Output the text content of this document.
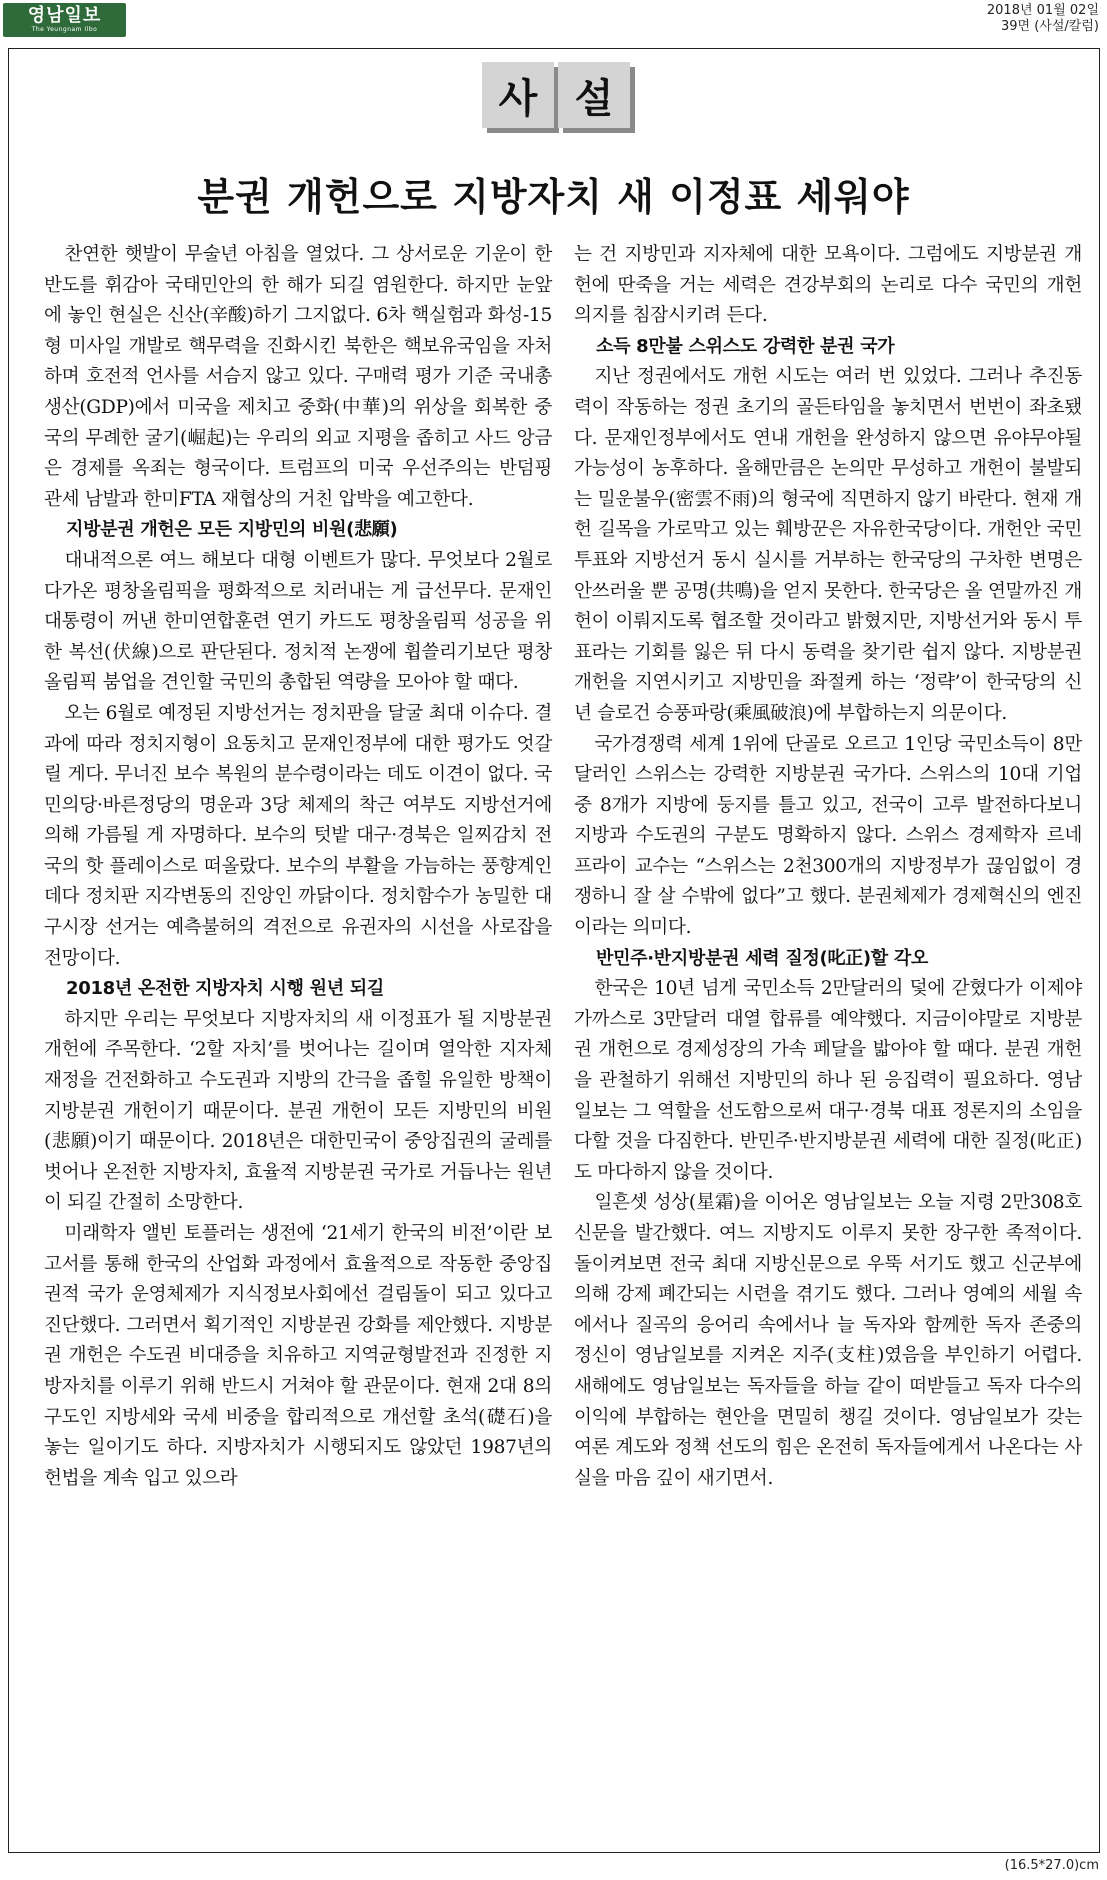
영남일보
The Yeungnam Ilbo
2018년 01월 02일
39면 (사설/칼럼)
사 설
분권 개헌으로 지방자치 새 이정표 세워야

찬연한 햇발이 무술년 아침을 열었다. 그 상서로운 기운이 한반도를 휘감아 국태민안의 한 해가 되길 염원한다. 하지만 눈앞에 놓인 현실은 신산(辛酸)하기 그지없다. 6차 핵실험과 화성-15형 미사일 개발로 핵무력을 진화시킨 북한은 핵보유국임을 자처하며 호전적 언사를 서슴지 않고 있다. 구매력 평가 기준 국내총생산(GDP)에서 미국을 제치고 중화(中華)의 위상을 회복한 중국의 무례한 굴기(崛起)는 우리의 외교 지평을 좁히고 사드 앙금은 경제를 옥죄는 형국이다. 트럼프의 미국 우선주의는 반덤핑 관세 남발과 한미FTA 재협상의 거친 압박을 예고한다.

지방분권 개헌은 모든 지방민의 비원(悲願)

대내적으론 여느 해보다 대형 이벤트가 많다. 무엇보다 2월로 다가온 평창올림픽을 평화적으로 치러내는 게 급선무다. 문재인 대통령이 꺼낸 한미연합훈련 연기 카드도 평창올림픽 성공을 위한 복선(伏線)으로 판단된다. 정치적 논쟁에 휩쓸리기보단 평창올림픽 붐업을 견인할 국민의 총합된 역량을 모아야 할 때다.

오는 6월로 예정된 지방선거는 정치판을 달굴 최대 이슈다. 결과에 따라 정치지형이 요동치고 문재인정부에 대한 평가도 엇갈릴 게다. 무너진 보수 복원의 분수령이라는 데도 이견이 없다. 국민의당·바른정당의 명운과 3당 체제의 착근 여부도 지방선거에 의해 가름될 게 자명하다. 보수의 텃밭 대구·경북은 일찌감치 전국의 핫 플레이스로 떠올랐다. 보수의 부활을 가늠하는 풍향계인 데다 정치판 지각변동의 진앙인 까닭이다. 정치함수가 농밀한 대구시장 선거는 예측불허의 격전으로 유권자의 시선을 사로잡을 전망이다.

2018년 온전한 지방자치 시행 원년 되길

하지만 우리는 무엇보다 지방자치의 새 이정표가 될 지방분권 개헌에 주목한다. ‘2할 자치’를 벗어나는 길이며 열악한 지자체 재정을 건전화하고 수도권과 지방의 간극을 좁힐 유일한 방책이 지방분권 개헌이기 때문이다. 분권 개헌이 모든 지방민의 비원(悲願)이기 때문이다. 2018년은 대한민국이 중앙집권의 굴레를 벗어나 온전한 지방자치, 효율적 지방분권 국가로 거듭나는 원년이 되길 간절히 소망한다.

미래학자 앨빈 토플러는 생전에 ‘21세기 한국의 비전’이란 보고서를 통해 한국의 산업화 과정에서 효율적으로 작동한 중앙집권적 국가 운영체제가 지식정보사회에선 걸림돌이 되고 있다고 진단했다. 그러면서 획기적인 지방분권 강화를 제안했다. 지방분권 개헌은 수도권 비대증을 치유하고 지역균형발전과 진정한 지방자치를 이루기 위해 반드시 거쳐야 할 관문이다. 현재 2대 8의 구도인 지방세와 국세 비중을 합리적으로 개선할 초석(礎石)을 놓는 일이기도 하다. 지방자치가 시행되지도 않았던 1987년의 헌법을 계속 입고 있으라

는 건 지방민과 지자체에 대한 모욕이다. 그럼에도 지방분권 개헌에 딴죽을 거는 세력은 견강부회의 논리로 다수 국민의 개헌 의지를 침잠시키려 든다.

소득 8만불 스위스도 강력한 분권 국가

지난 정권에서도 개헌 시도는 여러 번 있었다. 그러나 추진동력이 작동하는 정권 초기의 골든타임을 놓치면서 번번이 좌초됐다. 문재인정부에서도 연내 개헌을 완성하지 않으면 유야무야될 가능성이 농후하다. 올해만큼은 논의만 무성하고 개헌이 불발되는 밀운불우(密雲不雨)의 형국에 직면하지 않기 바란다. 현재 개헌 길목을 가로막고 있는 훼방꾼은 자유한국당이다. 개헌안 국민투표와 지방선거 동시 실시를 거부하는 한국당의 구차한 변명은 안쓰러울 뿐 공명(共鳴)을 얻지 못한다. 한국당은 올 연말까진 개헌이 이뤄지도록 협조할 것이라고 밝혔지만, 지방선거와 동시 투표라는 기회를 잃은 뒤 다시 동력을 찾기란 쉽지 않다. 지방분권 개헌을 지연시키고 지방민을 좌절케 하는 ‘정략’이 한국당의 신년 슬로건 승풍파랑(乘風破浪)에 부합하는지 의문이다.

국가경쟁력 세계 1위에 단골로 오르고 1인당 국민소득이 8만달러인 스위스는 강력한 지방분권 국가다. 스위스의 10대 기업 중 8개가 지방에 둥지를 틀고 있고, 전국이 고루 발전하다보니 지방과 수도권의 구분도 명확하지 않다. 스위스 경제학자 르네 프라이 교수는 “스위스는 2천300개의 지방정부가 끊임없이 경쟁하니 잘 살 수밖에 없다”고 했다. 분권체제가 경제혁신의 엔진이라는 의미다.

반민주·반지방분권 세력 질정(叱正)할 각오

한국은 10년 넘게 국민소득 2만달러의 덫에 갇혔다가 이제야 가까스로 3만달러 대열 합류를 예약했다. 지금이야말로 지방분권 개헌으로 경제성장의 가속 페달을 밟아야 할 때다. 분권 개헌을 관철하기 위해선 지방민의 하나 된 응집력이 필요하다. 영남일보는 그 역할을 선도함으로써 대구·경북 대표 정론지의 소임을 다할 것을 다짐한다. 반민주·반지방분권 세력에 대한 질정(叱正)도 마다하지 않을 것이다.

일흔셋 성상(星霜)을 이어온 영남일보는 오늘 지령 2만308호 신문을 발간했다. 여느 지방지도 이루지 못한 장구한 족적이다. 돌이켜보면 전국 최대 지방신문으로 우뚝 서기도 했고 신군부에 의해 강제 폐간되는 시련을 겪기도 했다. 그러나 영예의 세월 속에서나 질곡의 응어리 속에서나 늘 독자와 함께한 독자 존중의 정신이 영남일보를 지켜온 지주(支柱)였음을 부인하기 어렵다. 새해에도 영남일보는 독자들을 하늘 같이 떠받들고 독자 다수의 이익에 부합하는 현안을 면밀히 챙길 것이다. 영남일보가 갖는 여론 계도와 정책 선도의 힘은 온전히 독자들에게서 나온다는 사실을 마음 깊이 새기면서.

(16.5*27.0)cm
